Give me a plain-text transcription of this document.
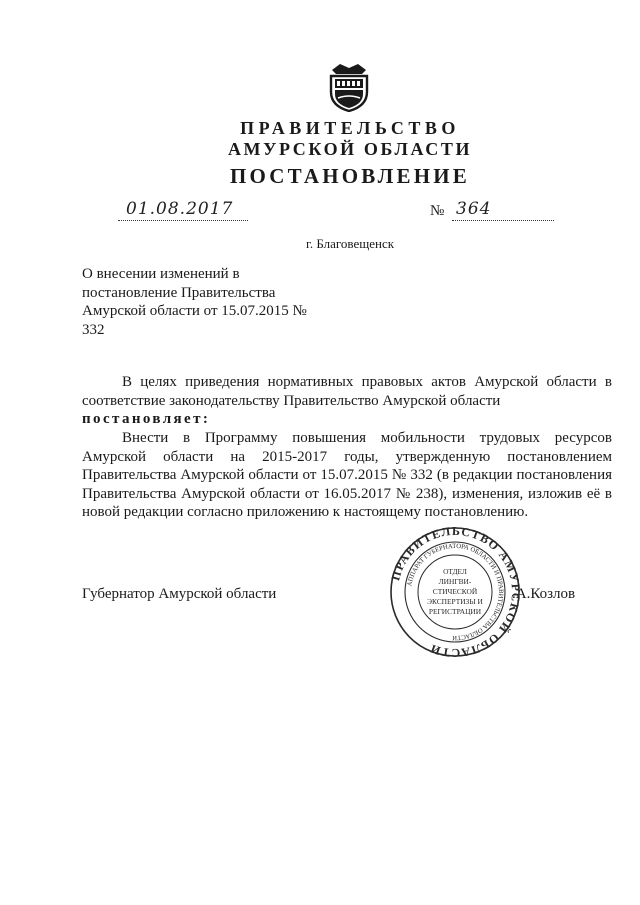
ПРАВИТЕЛЬСТВО
АМУРСКОЙ ОБЛАСТИ
ПОСТАНОВЛЕНИЕ
01.08.2017	№ 364
г. Благовещенск
О внесении изменений в постановление Правительства Амурской области от 15.07.2015 № 332
В целях приведения нормативных правовых актов Амурской области в соответствие законодательству Правительство Амурской области
постановляет:
Внести в Программу повышения мобильности трудовых ресурсов Амурской области на 2015-2017 годы, утвержденную постановлением Правительства Амурской области от 15.07.2015 № 332 (в редакции постановления Правительства Амурской области от 16.05.2017 № 238), изменения, изложив её в новой редакции согласно приложению к настоящему постановлению.
Губернатор Амурской области	.А.Козлов
ПРАВИТЕЛЬСТВО АМУ КОЙ ОБЛАСТИ
АППАРАТ ГУБЕРНАТОРА ОБЛАСТИ И ПРАВИТЕЛЬСТВА ОБЛАСТИ
ОТДЕЛ
ЛИНГВИ-
СТИЧЕСКОЙ
ЭКСПЕРТИЗЫ И
РЕГИСТРАЦИИ
